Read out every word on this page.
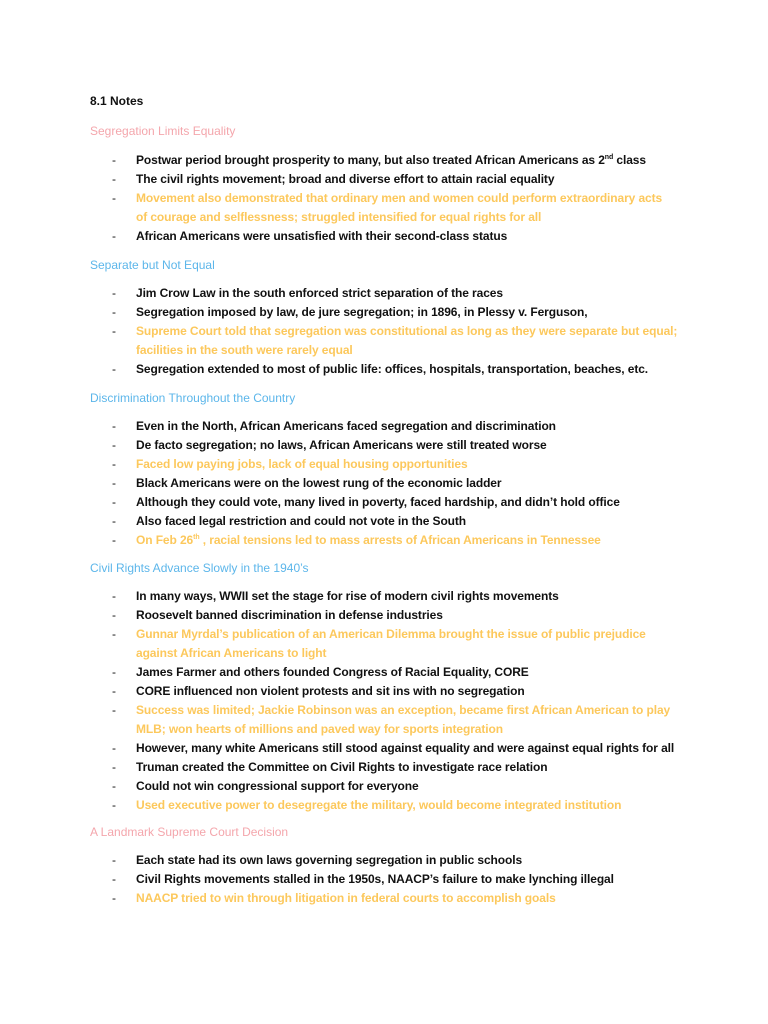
8.1 Notes
Segregation Limits Equality
- Postwar period brought prosperity to many, but also treated African Americans as 2nd class
- The civil rights movement; broad and diverse effort to attain racial equality
- Movement also demonstrated that ordinary men and women could perform extraordinary acts
of courage and selflessness; struggled intensified for equal rights for all
- African Americans were unsatisfied with their second-class status
Separate but Not Equal
- Jim Crow Law in the south enforced strict separation of the races
- Segregation imposed by law, de jure segregation; in 1896, in Plessy v. Ferguson,
- Supreme Court told that segregation was constitutional as long as they were separate but equal;
facilities in the south were rarely equal
- Segregation extended to most of public life: offices, hospitals, transportation, beaches, etc.
Discrimination Throughout the Country
- Even in the North, African Americans faced segregation and discrimination
- De facto segregation; no laws, African Americans were still treated worse
- Faced low paying jobs, lack of equal housing opportunities
- Black Americans were on the lowest rung of the economic ladder
- Although they could vote, many lived in poverty, faced hardship, and didn’t hold office
- Also faced legal restriction and could not vote in the South
- On Feb 26th , racial tensions led to mass arrests of African Americans in Tennessee
Civil Rights Advance Slowly in the 1940’s
- In many ways, WWII set the stage for rise of modern civil rights movements
- Roosevelt banned discrimination in defense industries
- Gunnar Myrdal’s publication of an American Dilemma brought the issue of public prejudice
against African Americans to light
- James Farmer and others founded Congress of Racial Equality, CORE
- CORE influenced non violent protests and sit ins with no segregation
- Success was limited; Jackie Robinson was an exception, became first African American to play
MLB; won hearts of millions and paved way for sports integration
- However, many white Americans still stood against equality and were against equal rights for all
- Truman created the Committee on Civil Rights to investigate race relation
- Could not win congressional support for everyone
- Used executive power to desegregate the military, would become integrated institution
A Landmark Supreme Court Decision
- Each state had its own laws governing segregation in public schools
- Civil Rights movements stalled in the 1950s, NAACP’s failure to make lynching illegal
- NAACP tried to win through litigation in federal courts to accomplish goals
